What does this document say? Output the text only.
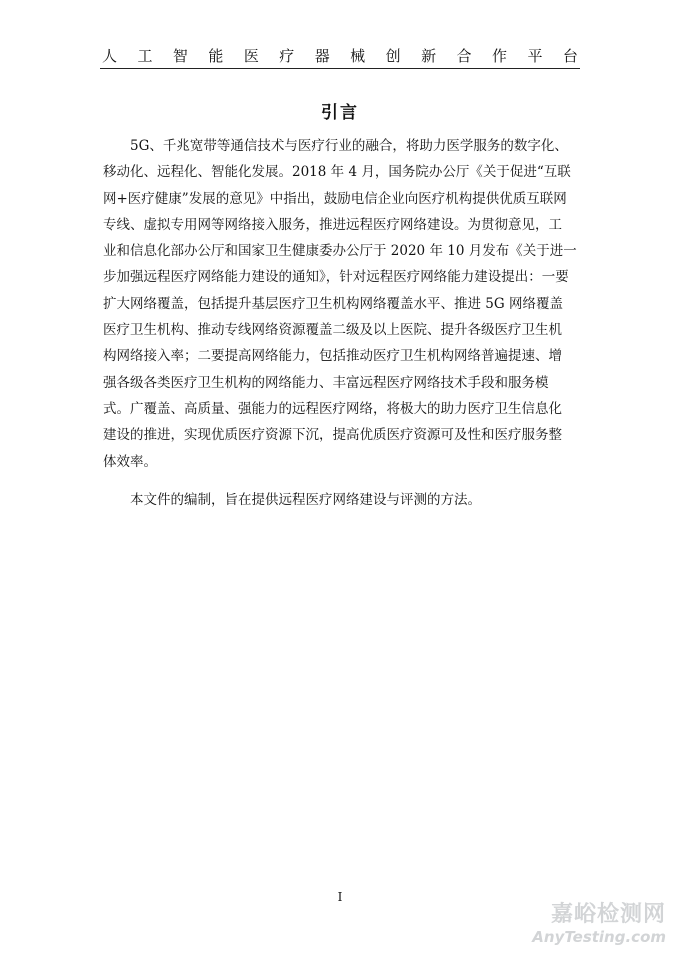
人 工 智 能 医 疗 器 械 创 新 合 作 平 台
引言
5G、千兆宽带等通信技术与医疗行业的融合，将助力医学服务的数字化、
移动化、远程化、智能化发展。2018 年 4 月，国务院办公厅《关于促进“互联
网+医疗健康”发展的意见》中指出，鼓励电信企业向医疗机构提供优质互联网
专线、虚拟专用网等网络接入服务，推进远程医疗网络建设。为贯彻意见，工
业和信息化部办公厅和国家卫生健康委办公厅于 2020 年 10 月发布《关于进一
步加强远程医疗网络能力建设的通知》，针对远程医疗网络能力建设提出：一要
扩大网络覆盖，包括提升基层医疗卫生机构网络覆盖水平、推进 5G 网络覆盖
医疗卫生机构、推动专线网络资源覆盖二级及以上医院、提升各级医疗卫生机
构网络接入率；二要提高网络能力，包括推动医疗卫生机构网络普遍提速、增
强各级各类医疗卫生机构的网络能力、丰富远程医疗网络技术手段和服务模
式。广覆盖、高质量、强能力的远程医疗网络，将极大的助力医疗卫生信息化
建设的推进，实现优质医疗资源下沉，提高优质医疗资源可及性和医疗服务整
体效率。
本文件的编制，旨在提供远程医疗网络建设与评测的方法。
I
嘉峪检测网
AnyTesting.com
